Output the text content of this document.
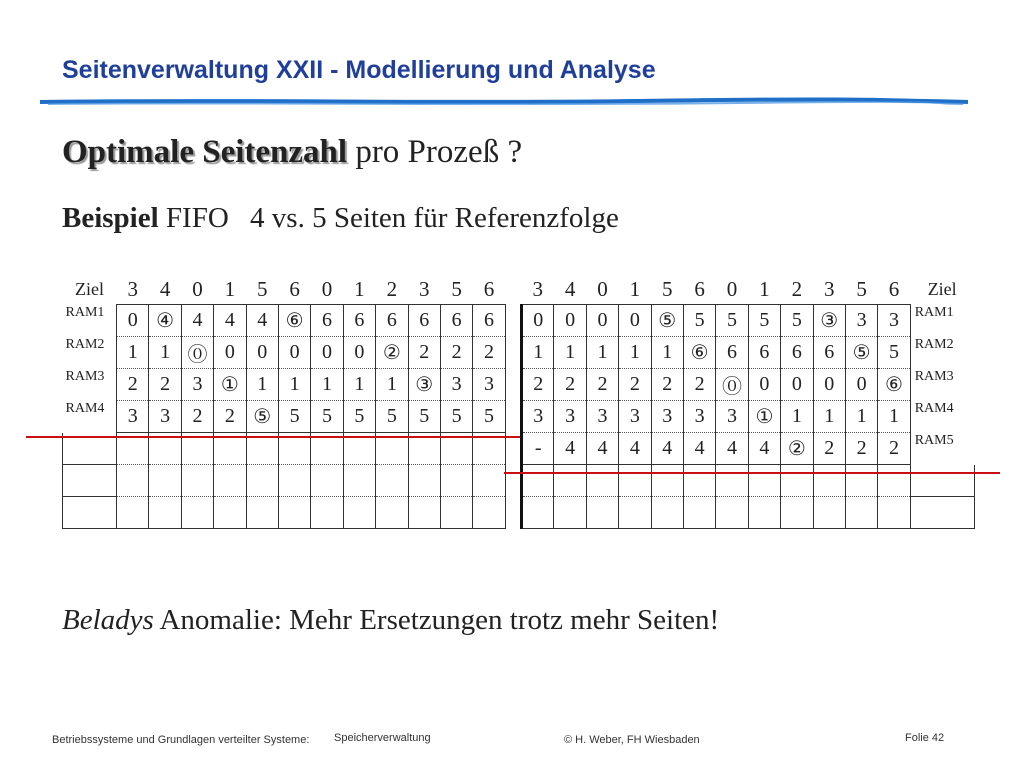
Seitenverwaltung XXII - Modellierung und Analyse
Optimale Seitenzahl pro Prozeß ?
Beispiel FIFO 4 vs. 5 Seiten für Referenzfolge
Ziel	3	4	0	1	5	6	0	1	2	3	5	6
RAM1	0	④	4	4	4	⑥	6	6	6	6	6	6
RAM2	1	1	⓪	0	0	0	0	0	②	2	2	2
RAM3	2	2	3	①	1	1	1	1	1	③	3	3
RAM4	3	3	2	2	⑤	5	5	5	5	5	5	5

3	4	0	1	5	6	0	1	2	3	5	6	Ziel
0	0	0	0	⑤	5	5	5	5	③	3	3	RAM1
1	1	1	1	1	⑥	6	6	6	6	⑤	5	RAM2
2	2	2	2	2	2	⓪	0	0	0	0	⑥	RAM3
3	3	3	3	3	3	3	①	1	1	1	1	RAM4
-	4	4	4	4	4	4	4	②	2	2	2	RAM5

Beladys Anomalie: Mehr Ersetzungen trotz mehr Seiten!
Betriebssysteme und Grundlagen verteilter Systeme: Speicherverwaltung	© H. Weber, FH Wiesbaden	Folie 42
